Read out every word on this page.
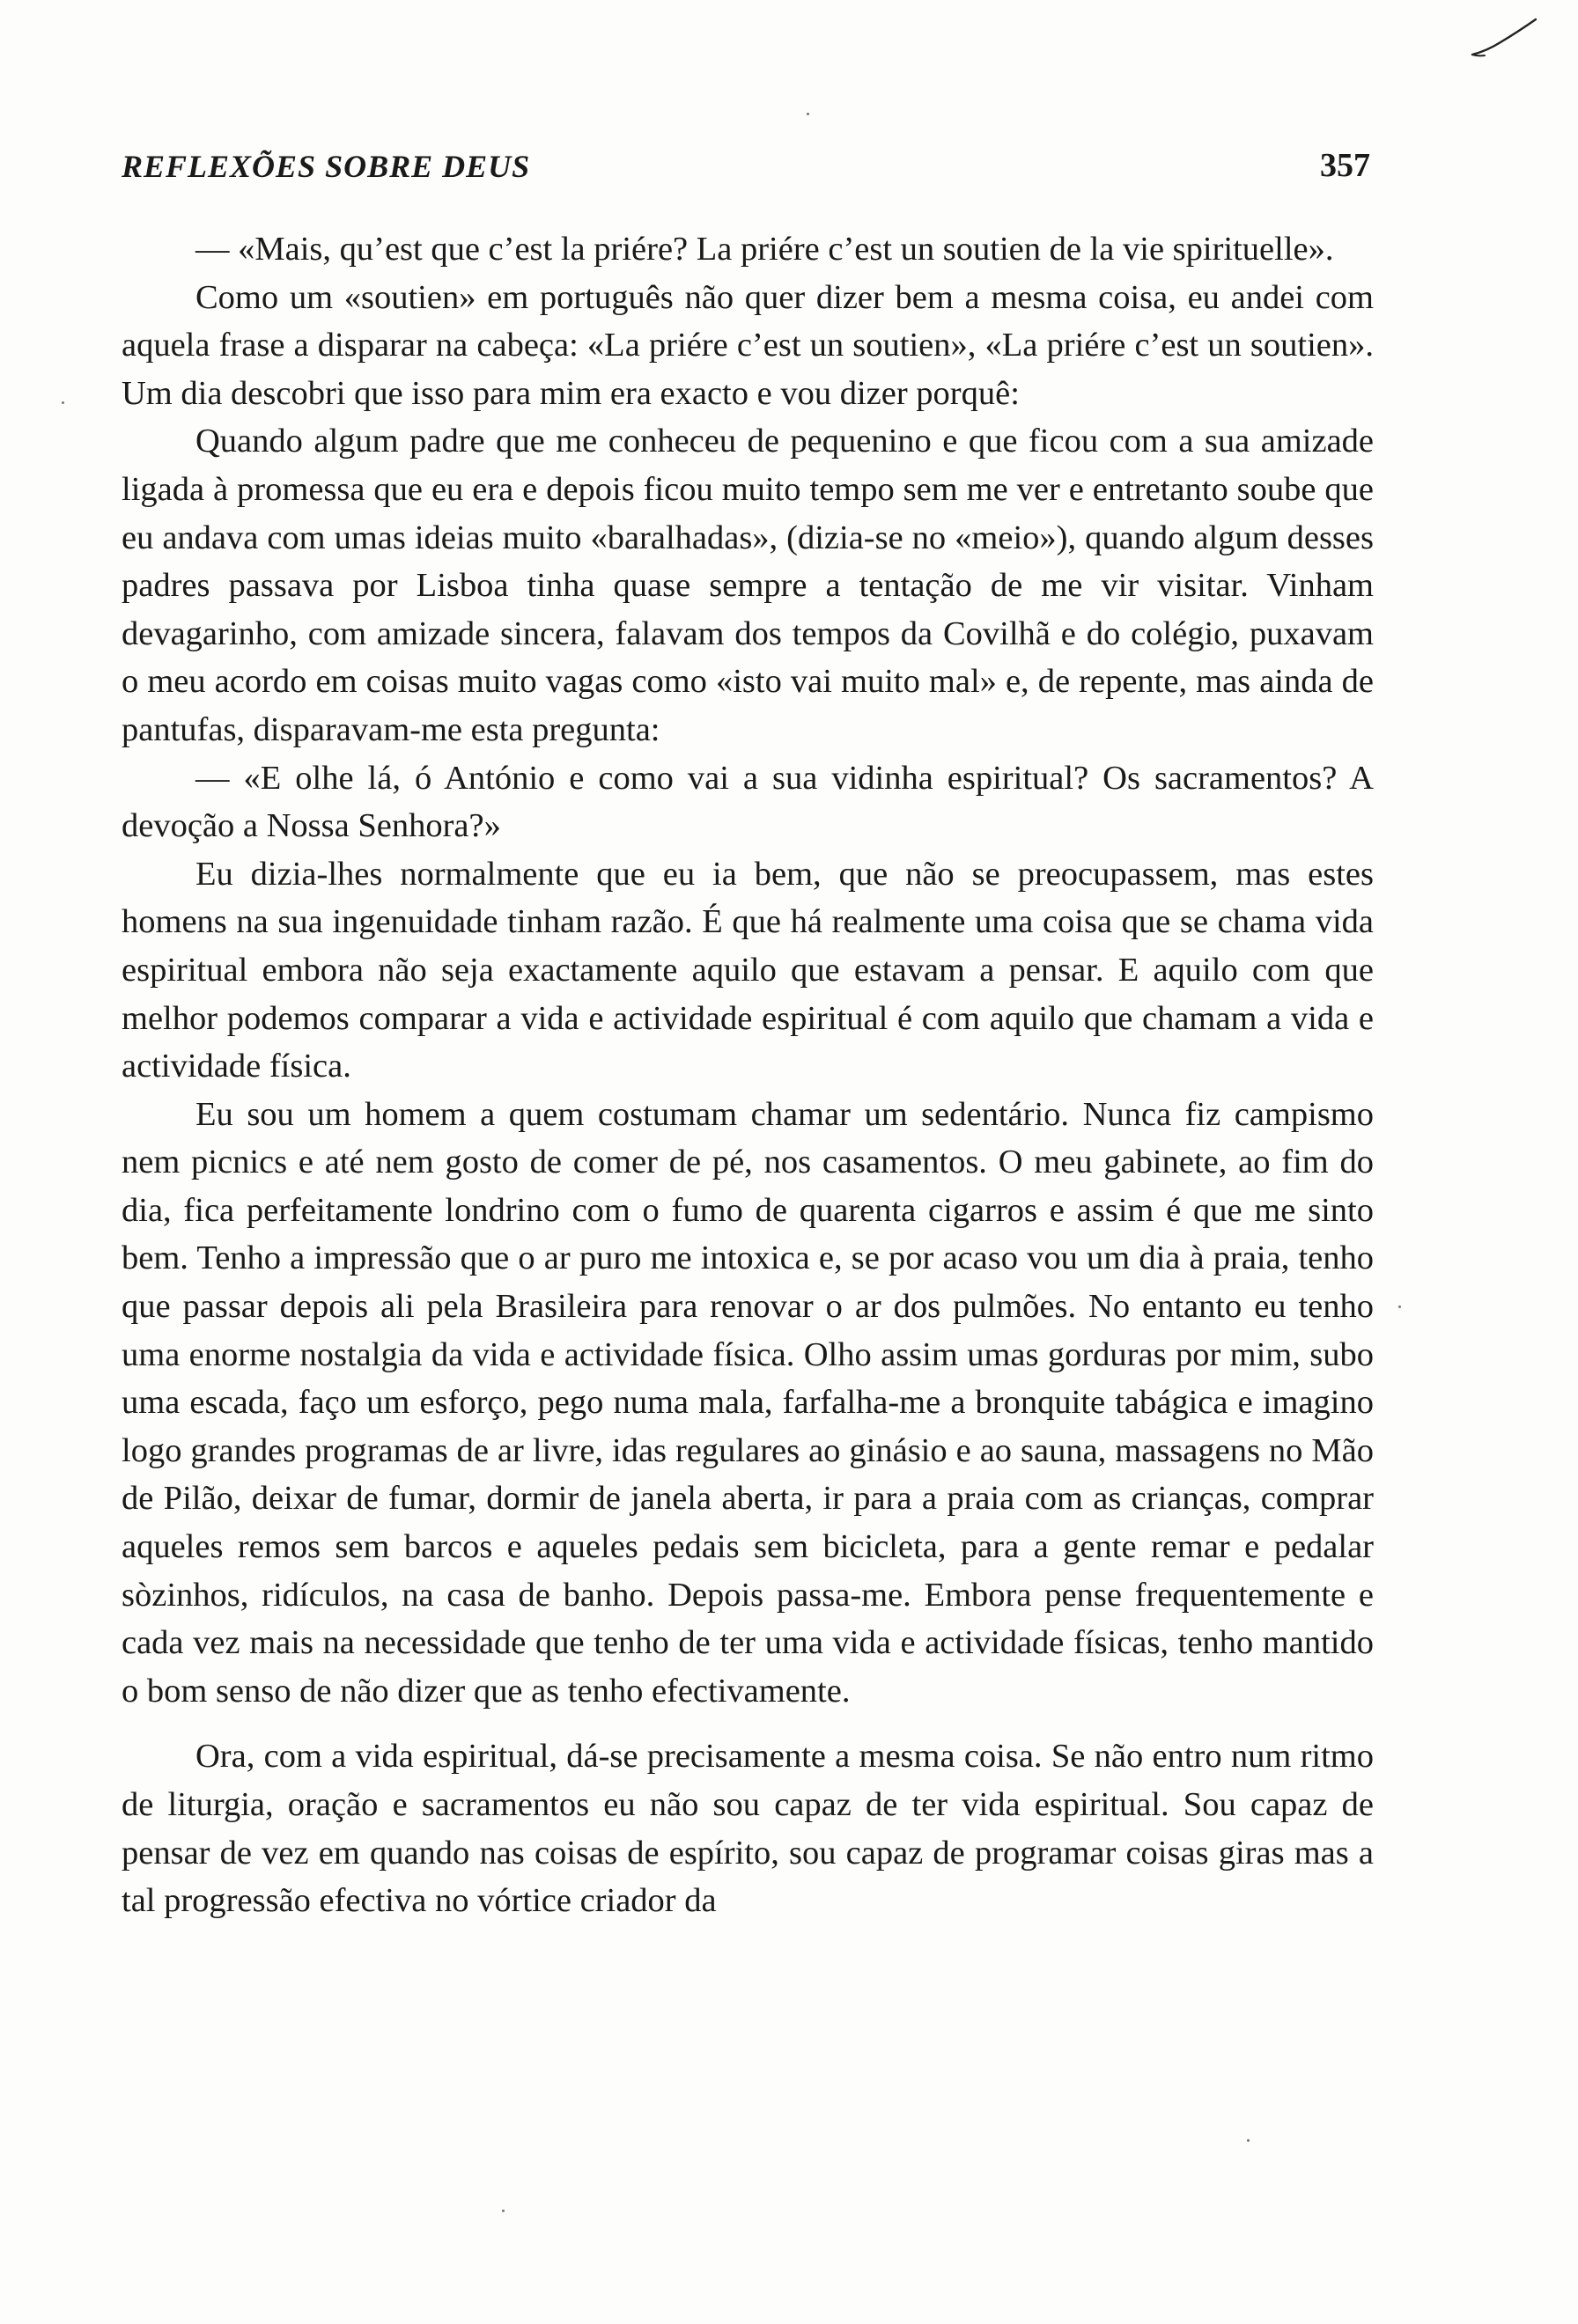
REFLEXÕES SOBRE DEUS	357

— «Mais, qu’est que c’est la priére? La priére c’est un soutien de la vie spirituelle».

Como um «soutien» em português não quer dizer bem a mesma coisa, eu andei com aquela frase a disparar na cabeça: «La priére c’est un soutien», «La priére c’est un soutien». Um dia descobri que isso para mim era exacto e vou dizer porquê:

Quando algum padre que me conheceu de pequenino e que ficou com a sua amizade ligada à promessa que eu era e depois ficou muito tempo sem me ver e entretanto soube que eu andava com umas ideias muito «baralhadas», (dizia-se no «meio»), quando algum desses padres passava por Lisboa tinha quase sempre a tentação de me vir visitar. Vinham devagarinho, com amizade sincera, falavam dos tempos da Covilhã e do colégio, puxavam o meu acordo em coisas muito vagas como «isto vai muito mal» e, de repente, mas ainda de pantufas, disparavam-me esta pregunta:

— «E olhe lá, ó António e como vai a sua vidinha espiritual? Os sacramentos? A devoção a Nossa Senhora?»

Eu dizia-lhes normalmente que eu ia bem, que não se preocupassem, mas estes homens na sua ingenuidade tinham razão. É que há realmente uma coisa que se chama vida espiritual embora não seja exactamente aquilo que estavam a pensar. E aquilo com que melhor podemos comparar a vida e actividade espiritual é com aquilo que chamam a vida e actividade física.

Eu sou um homem a quem costumam chamar um sedentário. Nunca fiz campismo nem picnics e até nem gosto de comer de pé, nos casamentos. O meu gabinete, ao fim do dia, fica perfeitamente londrino com o fumo de quarenta cigarros e assim é que me sinto bem. Tenho a impressão que o ar puro me intoxica e, se por acaso vou um dia à praia, tenho que passar depois ali pela Brasileira para renovar o ar dos pulmões. No entanto eu tenho uma enorme nostalgia da vida e actividade física. Olho assim umas gorduras por mim, subo uma escada, faço um esforço, pego numa mala, farfalha-me a bronquite tabágica e imagino logo grandes programas de ar livre, idas regulares ao ginásio e ao sauna, massagens no Mão de Pilão, deixar de fumar, dormir de janela aberta, ir para a praia com as crianças, comprar aqueles remos sem barcos e aqueles pedais sem bicicleta, para a gente remar e pedalar sòzinhos, ridículos, na casa de banho. Depois passa-me. Embora pense frequentemente e cada vez mais na necessidade que tenho de ter uma vida e actividade físicas, tenho mantido o bom senso de não dizer que as tenho efectivamente.

Ora, com a vida espiritual, dá-se precisamente a mesma coisa. Se não entro num ritmo de liturgia, oração e sacramentos eu não sou capaz de ter vida espiritual. Sou capaz de pensar de vez em quando nas coisas de espírito, sou capaz de programar coisas giras mas a tal progressão efectiva no vórtice criador da
